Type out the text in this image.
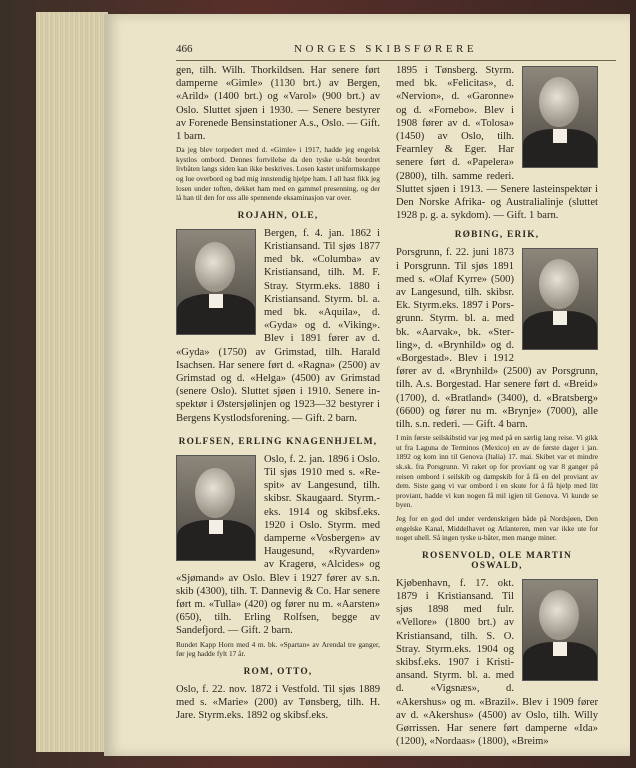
466	NORGES SKIBSFØRERE

gen, tilh. Wilh. Thorkildsen. Har senere ført damperne «Gimle» (1130 brt.) av Bergen, «Arild» (1400 brt.) og «Varol» (900 brt.) av Oslo. Sluttet sjøen i 1930. — Senere bestyrer av Forenede Bensinstationer A.s., Oslo. — Gift. 1 barn.

Da jeg blev torpedert med d. «Gimle» i 1917, hadde jeg engelsk kystlos ombord. Dennes fortvilelse da den tyske u-båt beordret livbåten langs siden kan ikke beskrives. Losen kastet uniformskappe og lue overbord og bad mig innstendig hjelpe ham. I all hast fikk jeg losen under toften, dekket ham med en gammel presenning, og der lå han til den for oss alle spennende eksaminasjon var over.
ROJAHN, OLE,

Bergen, f. 4. jan. 1862 i Kristiansand. Til sjøs 1877 med bk. «Columba» av Kristiansand, tilh. M. F. Stray. Styrm.eks. 1880 i Kristiansand. Styrm. bl. a. med bk. «Aquila», d. «Gyda» og d. «Viking». Blev i 1891 fører av d. «Gyda» (1750) av Grimstad, tilh. Harald Isachsen. Har senere ført d. «Ragna» (2500) av Grimstad og d. «Helga» (4500) av Grimstad (senere Oslo). Sluttet sjøen i 1910. Senere inspektør i Østersjølinjen og 1923—32 bestyrer i Bergens Kystlodsforening. — Gift. 2 barn.

ROLFSEN, ERLING KNAGENHJELM,

Oslo, f. 2. jan. 1896 i Oslo. Til sjøs 1910 med s. «Respit» av Langesund, tilh. skibsr. Skaugaard. Styrm.eks. 1914 og skibsf.eks. 1920 i Oslo. Styrm. med damperne «Vosbergen» av Haugesund, «Ryvarden» av Kragerø, «Alcides» og «Sjømand» av Oslo. Blev i 1927 fører av s.n. skib (4300), tilh. T. Dannevig & Co. Har senere ført m. «Tulla» (420) og fører nu m. «Aarsten» (650), tilh. Erling Rolfsen, begge av Sandefjord. — Gift. 2 barn.

Rundet Kapp Horn med 4 m. bk. «Spartan» av Arendal tre ganger, før jeg hadde fylt 17 år.
ROM, OTTO,

Oslo, f. 22. nov. 1872 i Vestfold. Til sjøs 1889 med s. «Marie» (200) av Tønsberg, tilh. H. Jare. Styrm.eks. 1892 og skibsf.eks.

1895 i Tønsberg. Styrm. med bk. «Felicitas», d. «Nervion», d. «Garonne» og d. «Fornebo». Blev i 1908 fører av d. «Tolosa» (1450) av Oslo, tilh. Fearnley & Eger. Har senere ført d. «Papelera» (2800), tilh. samme rederi. Sluttet sjøen i 1913. — Senere lasteinspektør i Den Norske Afrika- og Australialinje (sluttet 1928 p. g. a. sykdom). — Gift. 1 barn.

RØBING, ERIK,

Porsgrunn, f. 22. juni 1873 i Porsgrunn. Til sjøs 1891 med s. «Olaf Kyrre» (500) av Langesund, tilh. skibsr. Ek. Styrm.eks. 1897 i Porsgrunn. Styrm. bl. a. med bk. «Aarvak», bk. «Sterling», d. «Brynhild» og d. «Borgestad». Blev i 1912 fører av d. «Brynhild» (2500) av Porsgrunn, tilh. A.s. Borgestad. Har senere ført d. «Breid» (1700), d. «Bratland» (3400), d. «Bratsberg» (6600) og fører nu m. «Brynje» (7000), alle tilh. s.n. rederi. — Gift. 4 barn.

I min første seilskibstid var jeg med på en særlig lang reise. Vi gikk ut fra Laguna de Terminos (Mexico) en av de første dager i jan. 1892 og kom inn til Genova (Italia) 17. mai. Skibet var et mindre sk.sk. fra Porsgrunn. Vi raket op for proviant og var 8 ganger på reisen ombord i seilskib og dampskib for å få en del proviant av dem. Siste gang vi var ombord i en skute for å få hjelp med litt proviant, hadde vi kun nogen få mil igjen til Genova. Vi kunde se byen.
Jeg for en god del under verdenskrigen både på Nordsjøen, Den engelske Kanal, Middelhavet og Atlanteren, men var ikke ute for noget uhell. Så ingen tyske u-båter, men mange miner.
ROSENVOLD, OLE MARTIN OSWALD,

Kjøbenhavn, f. 17. okt. 1879 i Kristiansand. Til sjøs 1898 med fulr. «Vellore» (1800 brt.) av Kristiansand, tilh. S. O. Stray. Styrm.eks. 1904 og skibsf.eks. 1907 i Kristiansand. Styrm. bl. a. med d. «Vigsnæs», d. «Akershus» og m. «Brazil». Blev i 1909 fører av d. «Akershus» (4500) av Oslo, tilh. Willy Gørrissen. Har senere ført damperne «Ida» (1200), «Nordaas» (1800), «Breim»
